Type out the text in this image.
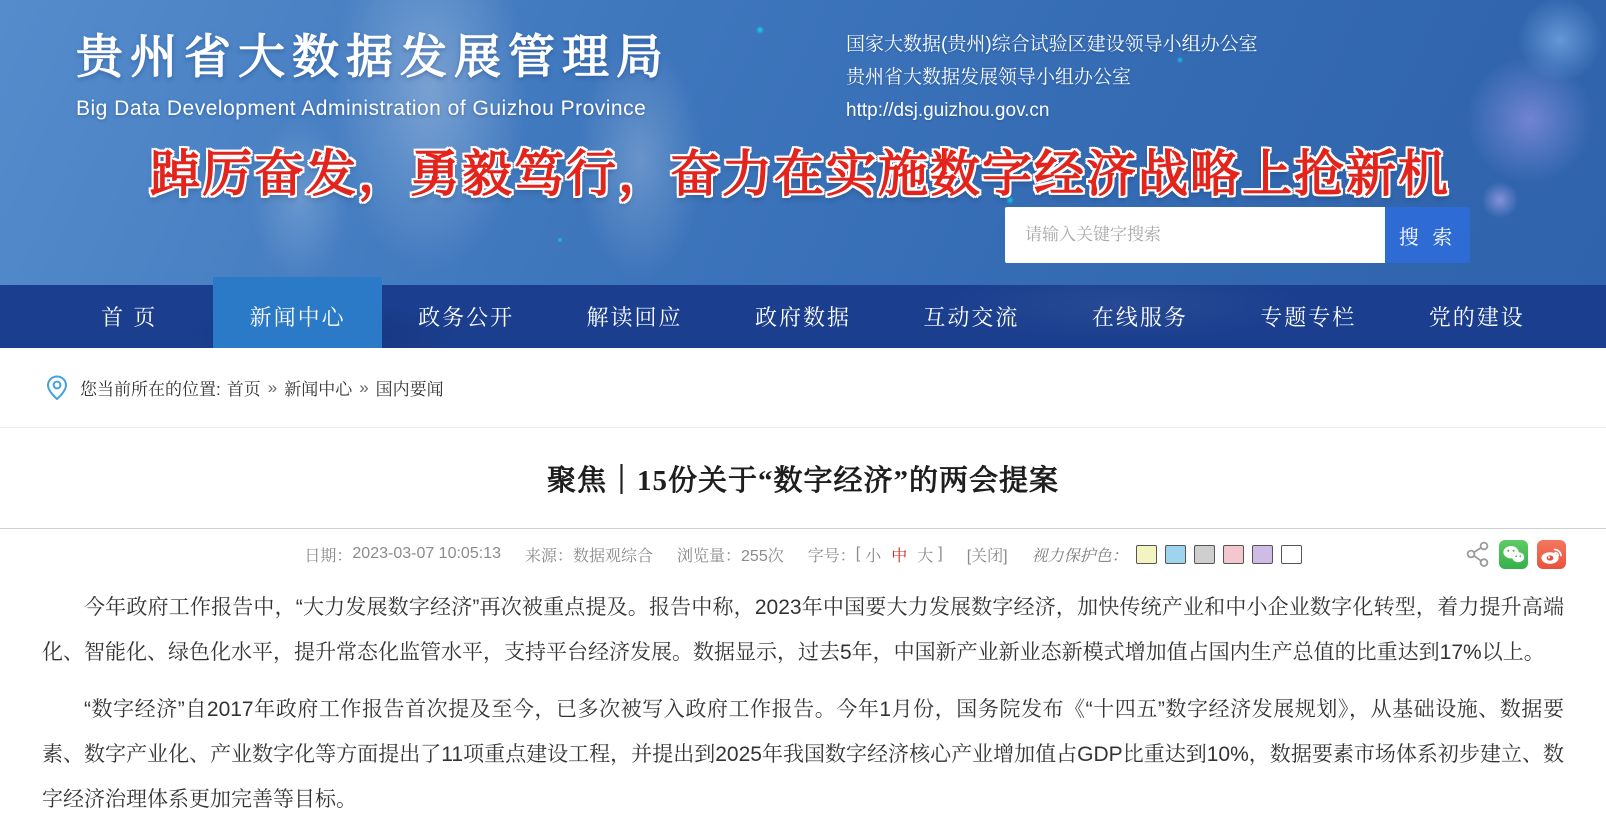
贵州省大数据发展管理局
Big Data Development Administration of Guizhou Province
国家大数据(贵州)综合试验区建设领导小组办公室
贵州省大数据发展领导小组办公室
http://dsj.guizhou.gov.cn
踔厉奋发，勇毅笃行，奋力在实施数字经济战略上抢新机
请输入关键字搜索
搜 索
首 页	新闻中心	政务公开	解读回应	政府数据	互动交流	在线服务	专题专栏	党的建设
您当前所在的位置: 首页 » 新闻中心 » 国内要闻
聚焦｜15份关于“数字经济”的两会提案
日期： 2023-03-07 10:05:13 来源： 数据观综合 浏览量： 255次 字号： [ 小 中 大 ] [关闭] 视力保护色：

今年政府工作报告中，“大力发展数字经济”再次被重点提及。报告中称，2023年中国要大力发展数字经济，加快传统产业和中小企业数字化转型，着力提升高端化、智能化、绿色化水平，提升常态化监管水平，支持平台经济发展。数据显示，过去5年，中国新产业新业态新模式增加值占国内生产总值的比重达到17%以上。

“数字经济”自2017年政府工作报告首次提及至今，已多次被写入政府工作报告。今年1月份，国务院发布《“十四五”数字经济发展规划》，从基础设施、数据要素、数字产业化、产业数字化等方面提出了11项重点建设工程，并提出到2025年我国数字经济核心产业增加值占GDP比重达到10%，数据要素市场体系初步建立、数字经济治理体系更加完善等目标。
